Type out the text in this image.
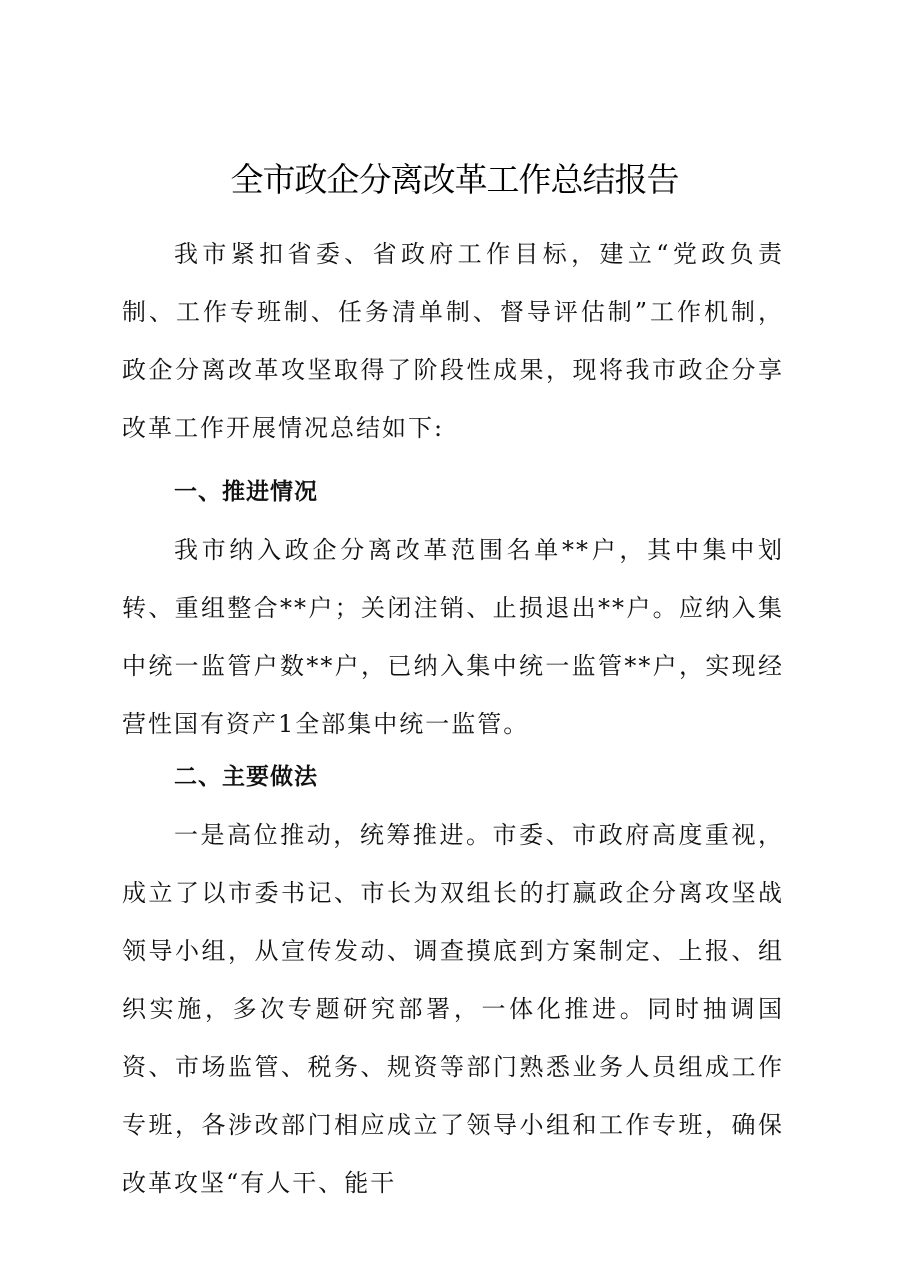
全市政企分离改革工作总结报告

我市紧扣省委、省政府工作目标，建立“党政负责制、工作专班制、任务清单制、督导评估制”工作机制，政企分离改革攻坚取得了阶段性成果，现将我市政企分享改革工作开展情况总结如下:

一、推进情况

我市纳入政企分离改革范围名单**户，其中集中划转、重组整合**户；关闭注销、止损退出**户。应纳入集中统一监管户数**户，已纳入集中统一监管**户，实现经营性国有资产1全部集中统一监管。

二、主要做法

一是高位推动，统筹推进。市委、市政府高度重视，成立了以市委书记、市长为双组长的打赢政企分离攻坚战领导小组，从宣传发动、调查摸底到方案制定、上报、组织实施，多次专题研究部署，一体化推进。同时抽调国资、市场监管、税务、规资等部门熟悉业务人员组成工作专班，各涉改部门相应成立了领导小组和工作专班，确保改革攻坚“有人干、能干
